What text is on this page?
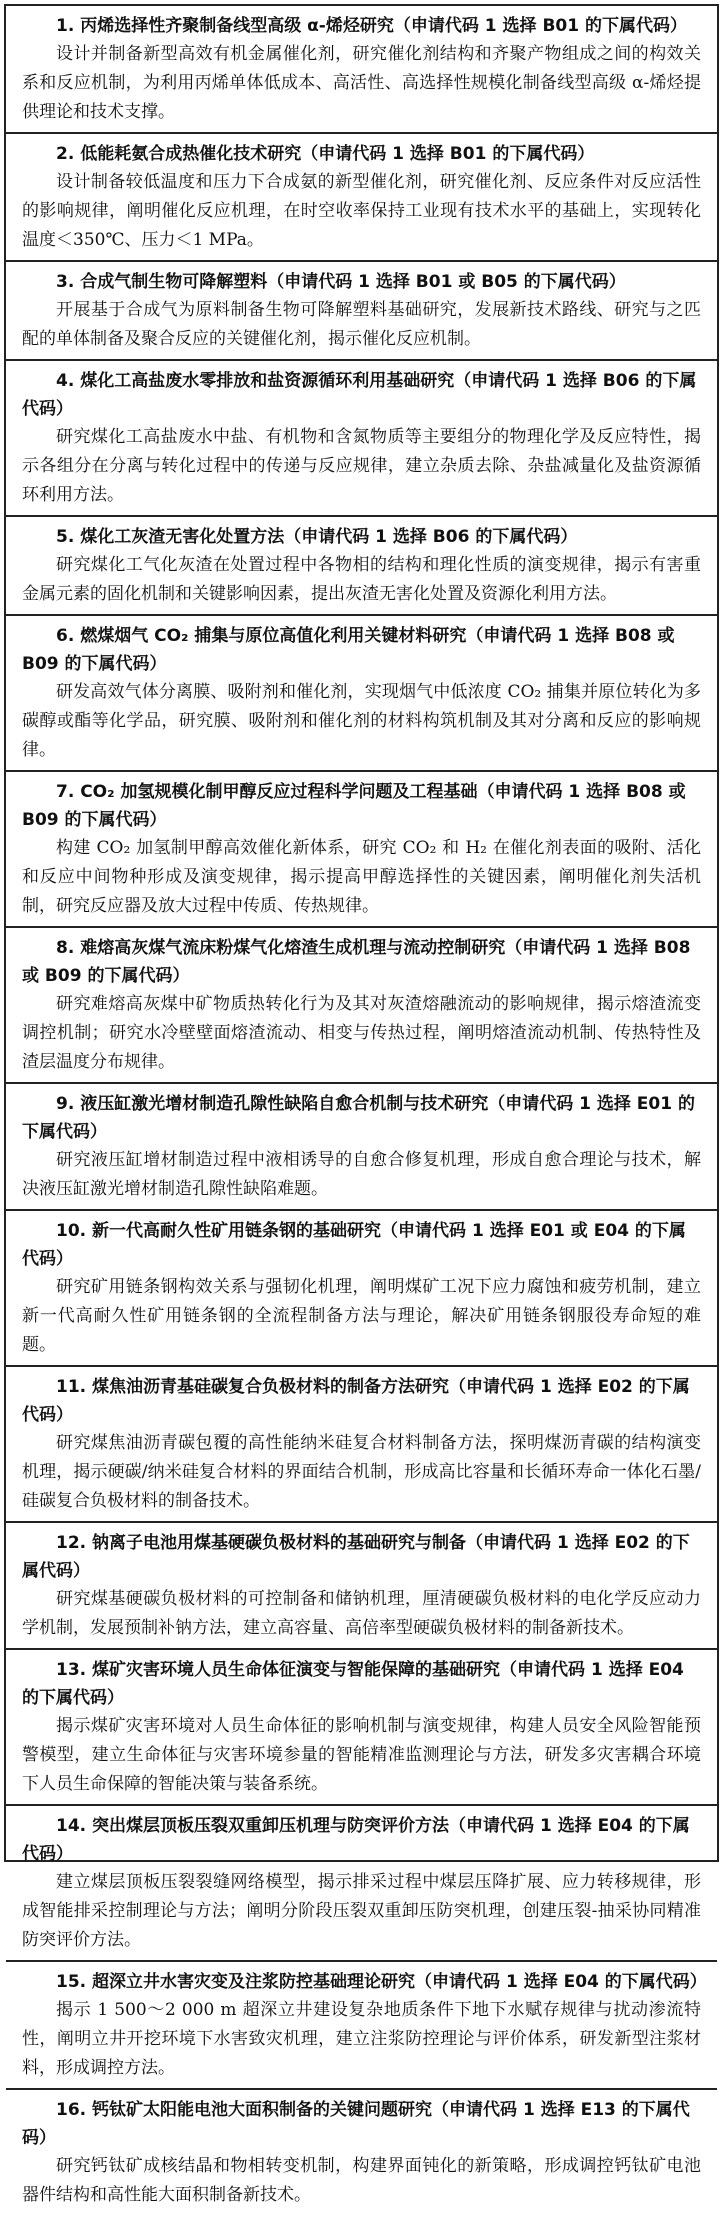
1. 丙烯选择性齐聚制备线型高级 α-烯烃研究（申请代码 1 选择 B01 的下属代码）

设计并制备新型高效有机金属催化剂，研究催化剂结构和齐聚产物组成之间的构效关系和反应机制，为利用丙烯单体低成本、高活性、高选择性规模化制备线型高级 α-烯烃提供理论和技术支撑。

2. 低能耗氨合成热催化技术研究（申请代码 1 选择 B01 的下属代码）

设计制备较低温度和压力下合成氨的新型催化剂，研究催化剂、反应条件对反应活性的影响规律，阐明催化反应机理，在时空收率保持工业现有技术水平的基础上，实现转化温度＜350℃、压力＜1 MPa。

3. 合成气制生物可降解塑料（申请代码 1 选择 B01 或 B05 的下属代码）

开展基于合成气为原料制备生物可降解塑料基础研究，发展新技术路线、研究与之匹配的单体制备及聚合反应的关键催化剂，揭示催化反应机制。

4. 煤化工高盐废水零排放和盐资源循环利用基础研究（申请代码 1 选择 B06 的下属代码）

研究煤化工高盐废水中盐、有机物和含氮物质等主要组分的物理化学及反应特性，揭示各组分在分离与转化过程中的传递与反应规律，建立杂质去除、杂盐减量化及盐资源循环利用方法。

5. 煤化工灰渣无害化处置方法（申请代码 1 选择 B06 的下属代码）

研究煤化工气化灰渣在处置过程中各物相的结构和理化性质的演变规律，揭示有害重金属元素的固化机制和关键影响因素，提出灰渣无害化处置及资源化利用方法。

6. 燃煤烟气 CO₂ 捕集与原位高值化利用关键材料研究（申请代码 1 选择 B08 或 B09 的下属代码）

研发高效气体分离膜、吸附剂和催化剂，实现烟气中低浓度 CO₂ 捕集并原位转化为多碳醇或酯等化学品，研究膜、吸附剂和催化剂的材料构筑机制及其对分离和反应的影响规律。

7. CO₂ 加氢规模化制甲醇反应过程科学问题及工程基础（申请代码 1 选择 B08 或 B09 的下属代码）

构建 CO₂ 加氢制甲醇高效催化新体系，研究 CO₂ 和 H₂ 在催化剂表面的吸附、活化和反应中间物种形成及演变规律，揭示提高甲醇选择性的关键因素，阐明催化剂失活机制，研究反应器及放大过程中传质、传热规律。

8. 难熔高灰煤气流床粉煤气化熔渣生成机理与流动控制研究（申请代码 1 选择 B08 或 B09 的下属代码）

研究难熔高灰煤中矿物质热转化行为及其对灰渣熔融流动的影响规律，揭示熔渣流变调控机制；研究水冷壁壁面熔渣流动、相变与传热过程，阐明熔渣流动机制、传热特性及渣层温度分布规律。

9. 液压缸激光增材制造孔隙性缺陷自愈合机制与技术研究（申请代码 1 选择 E01 的下属代码）

研究液压缸增材制造过程中液相诱导的自愈合修复机理，形成自愈合理论与技术，解决液压缸激光增材制造孔隙性缺陷难题。

10. 新一代高耐久性矿用链条钢的基础研究（申请代码 1 选择 E01 或 E04 的下属代码）

研究矿用链条钢构效关系与强韧化机理，阐明煤矿工况下应力腐蚀和疲劳机制，建立新一代高耐久性矿用链条钢的全流程制备方法与理论，解决矿用链条钢服役寿命短的难题。

11. 煤焦油沥青基硅碳复合负极材料的制备方法研究（申请代码 1 选择 E02 的下属代码）

研究煤焦油沥青碳包覆的高性能纳米硅复合材料制备方法，探明煤沥青碳的结构演变机理，揭示硬碳/纳米硅复合材料的界面结合机制，形成高比容量和长循环寿命一体化石墨/硅碳复合负极材料的制备技术。

12. 钠离子电池用煤基硬碳负极材料的基础研究与制备（申请代码 1 选择 E02 的下属代码）

研究煤基硬碳负极材料的可控制备和储钠机理，厘清硬碳负极材料的电化学反应动力学机制，发展预制补钠方法，建立高容量、高倍率型硬碳负极材料的制备新技术。

13. 煤矿灾害环境人员生命体征演变与智能保障的基础研究（申请代码 1 选择 E04 的下属代码）

揭示煤矿灾害环境对人员生命体征的影响机制与演变规律，构建人员安全风险智能预警模型，建立生命体征与灾害环境参量的智能精准监测理论与方法，研发多灾害耦合环境下人员生命保障的智能决策与装备系统。

14. 突出煤层顶板压裂双重卸压机理与防突评价方法（申请代码 1 选择 E04 的下属代码）

建立煤层顶板压裂裂缝网络模型，揭示排采过程中煤层压降扩展、应力转移规律，形成智能排采控制理论与方法；阐明分阶段压裂双重卸压防突机理，创建压裂-抽采协同精准防突评价方法。

15. 超深立井水害灾变及注浆防控基础理论研究（申请代码 1 选择 E04 的下属代码）

揭示 1 500～2 000 m 超深立井建设复杂地质条件下地下水赋存规律与扰动渗流特性，阐明立井开挖环境下水害致灾机理，建立注浆防控理论与评价体系，研发新型注浆材料，形成调控方法。

16. 钙钛矿太阳能电池大面积制备的关键问题研究（申请代码 1 选择 E13 的下属代码）

研究钙钛矿成核结晶和物相转变机制，构建界面钝化的新策略，形成调控钙钛矿电池器件结构和高性能大面积制备新技术。
